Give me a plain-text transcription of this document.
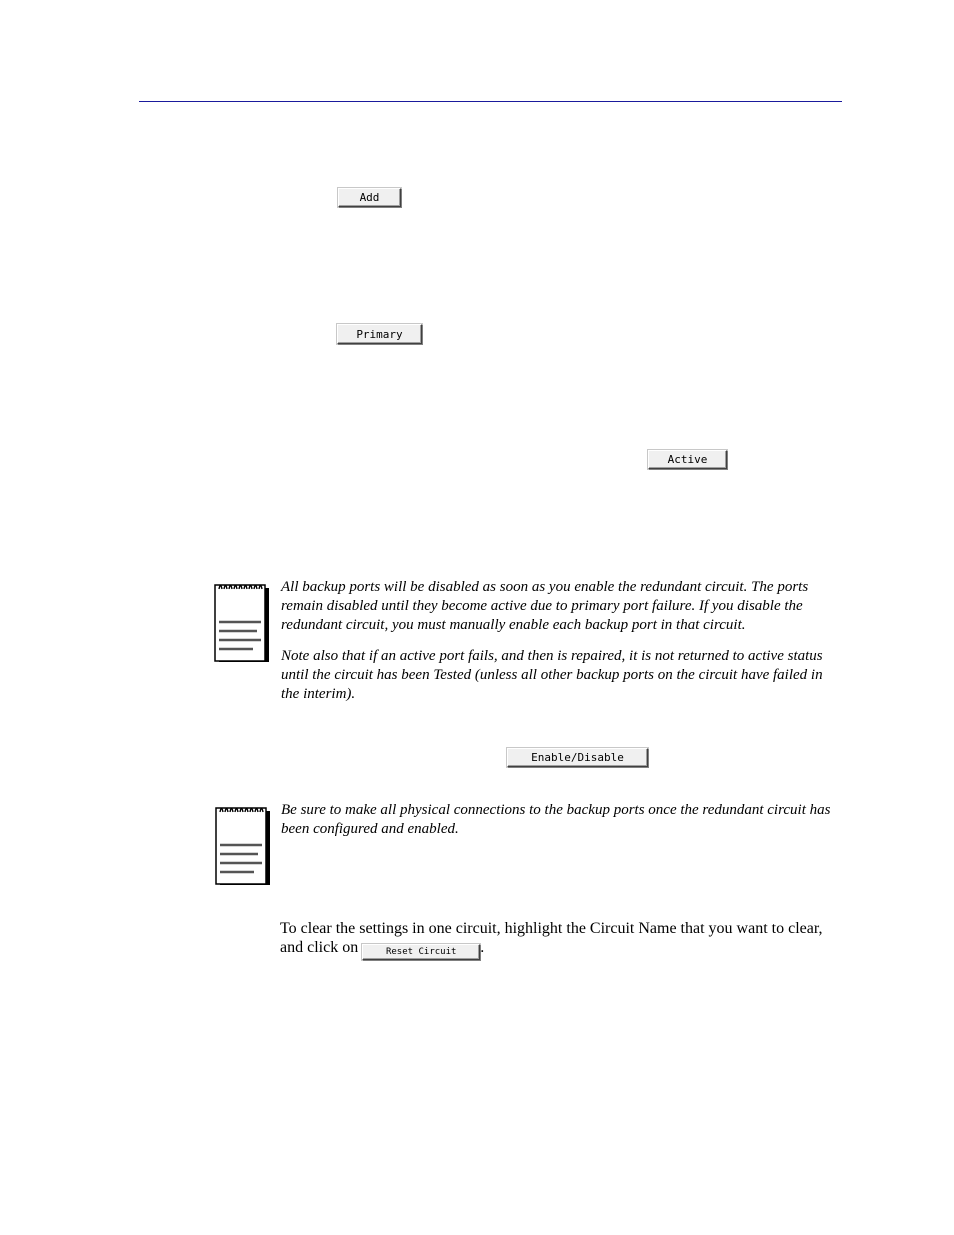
Add
Primary
Active

All backup ports will be disabled as soon as you enable the redundant circuit. The ports remain disabled until they become active due to primary port failure. If you disable the redundant circuit, you must manually enable each backup port in that circuit.

Note also that if an active port fails, and then is repaired, it is not returned to active status until the circuit has been Tested (unless all other backup ports on the circuit have failed in the interim).

Enable/Disable

Be sure to make all physical connections to the backup ports once the redundant circuit has been configured and enabled.

To clear the settings in one circuit, highlight the Circuit Name that you want to clear, and click on	Reset Circuit .
